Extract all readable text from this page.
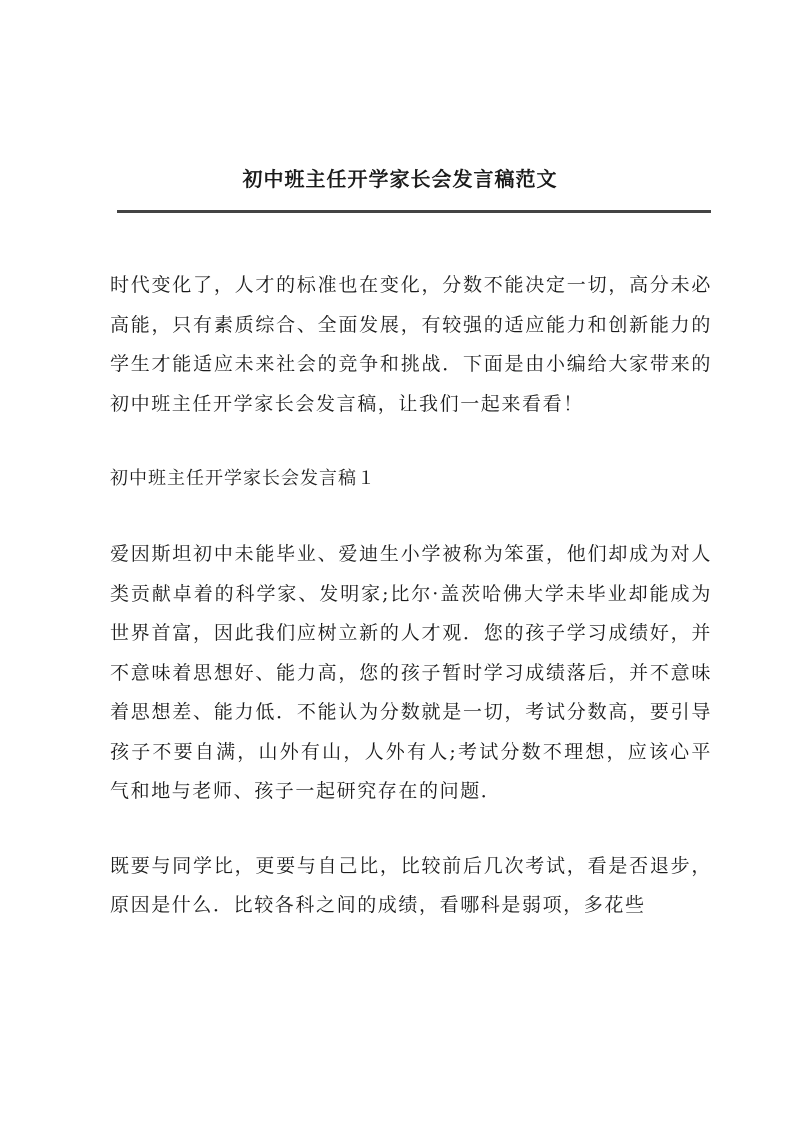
初中班主任开学家长会发言稿范文

时代变化了，人才的标准也在变化，分数不能决定一切，高分未必高能，只有素质综合、全面发展，有较强的适应能力和创新能力的学生才能适应未来社会的竞争和挑战．下面是由小编给大家带来的初中班主任开学家长会发言稿，让我们一起来看看！

初中班主任开学家长会发言稿１

爱因斯坦初中未能毕业、爱迪生小学被称为笨蛋，他们却成为对人类贡献卓着的科学家、发明家;比尔·盖茨哈佛大学未毕业却能成为世界首富，因此我们应树立新的人才观．您的孩子学习成绩好，并不意味着思想好、能力高，您的孩子暂时学习成绩落后，并不意味着思想差、能力低．不能认为分数就是一切，考试分数高，要引导孩子不要自满，山外有山，人外有人;考试分数不理想，应该心平气和地与老师、孩子一起研究存在的问题．

既要与同学比，更要与自己比，比较前后几次考试，看是否退步，原因是什么．比较各科之间的成绩，看哪科是弱项，多花些
